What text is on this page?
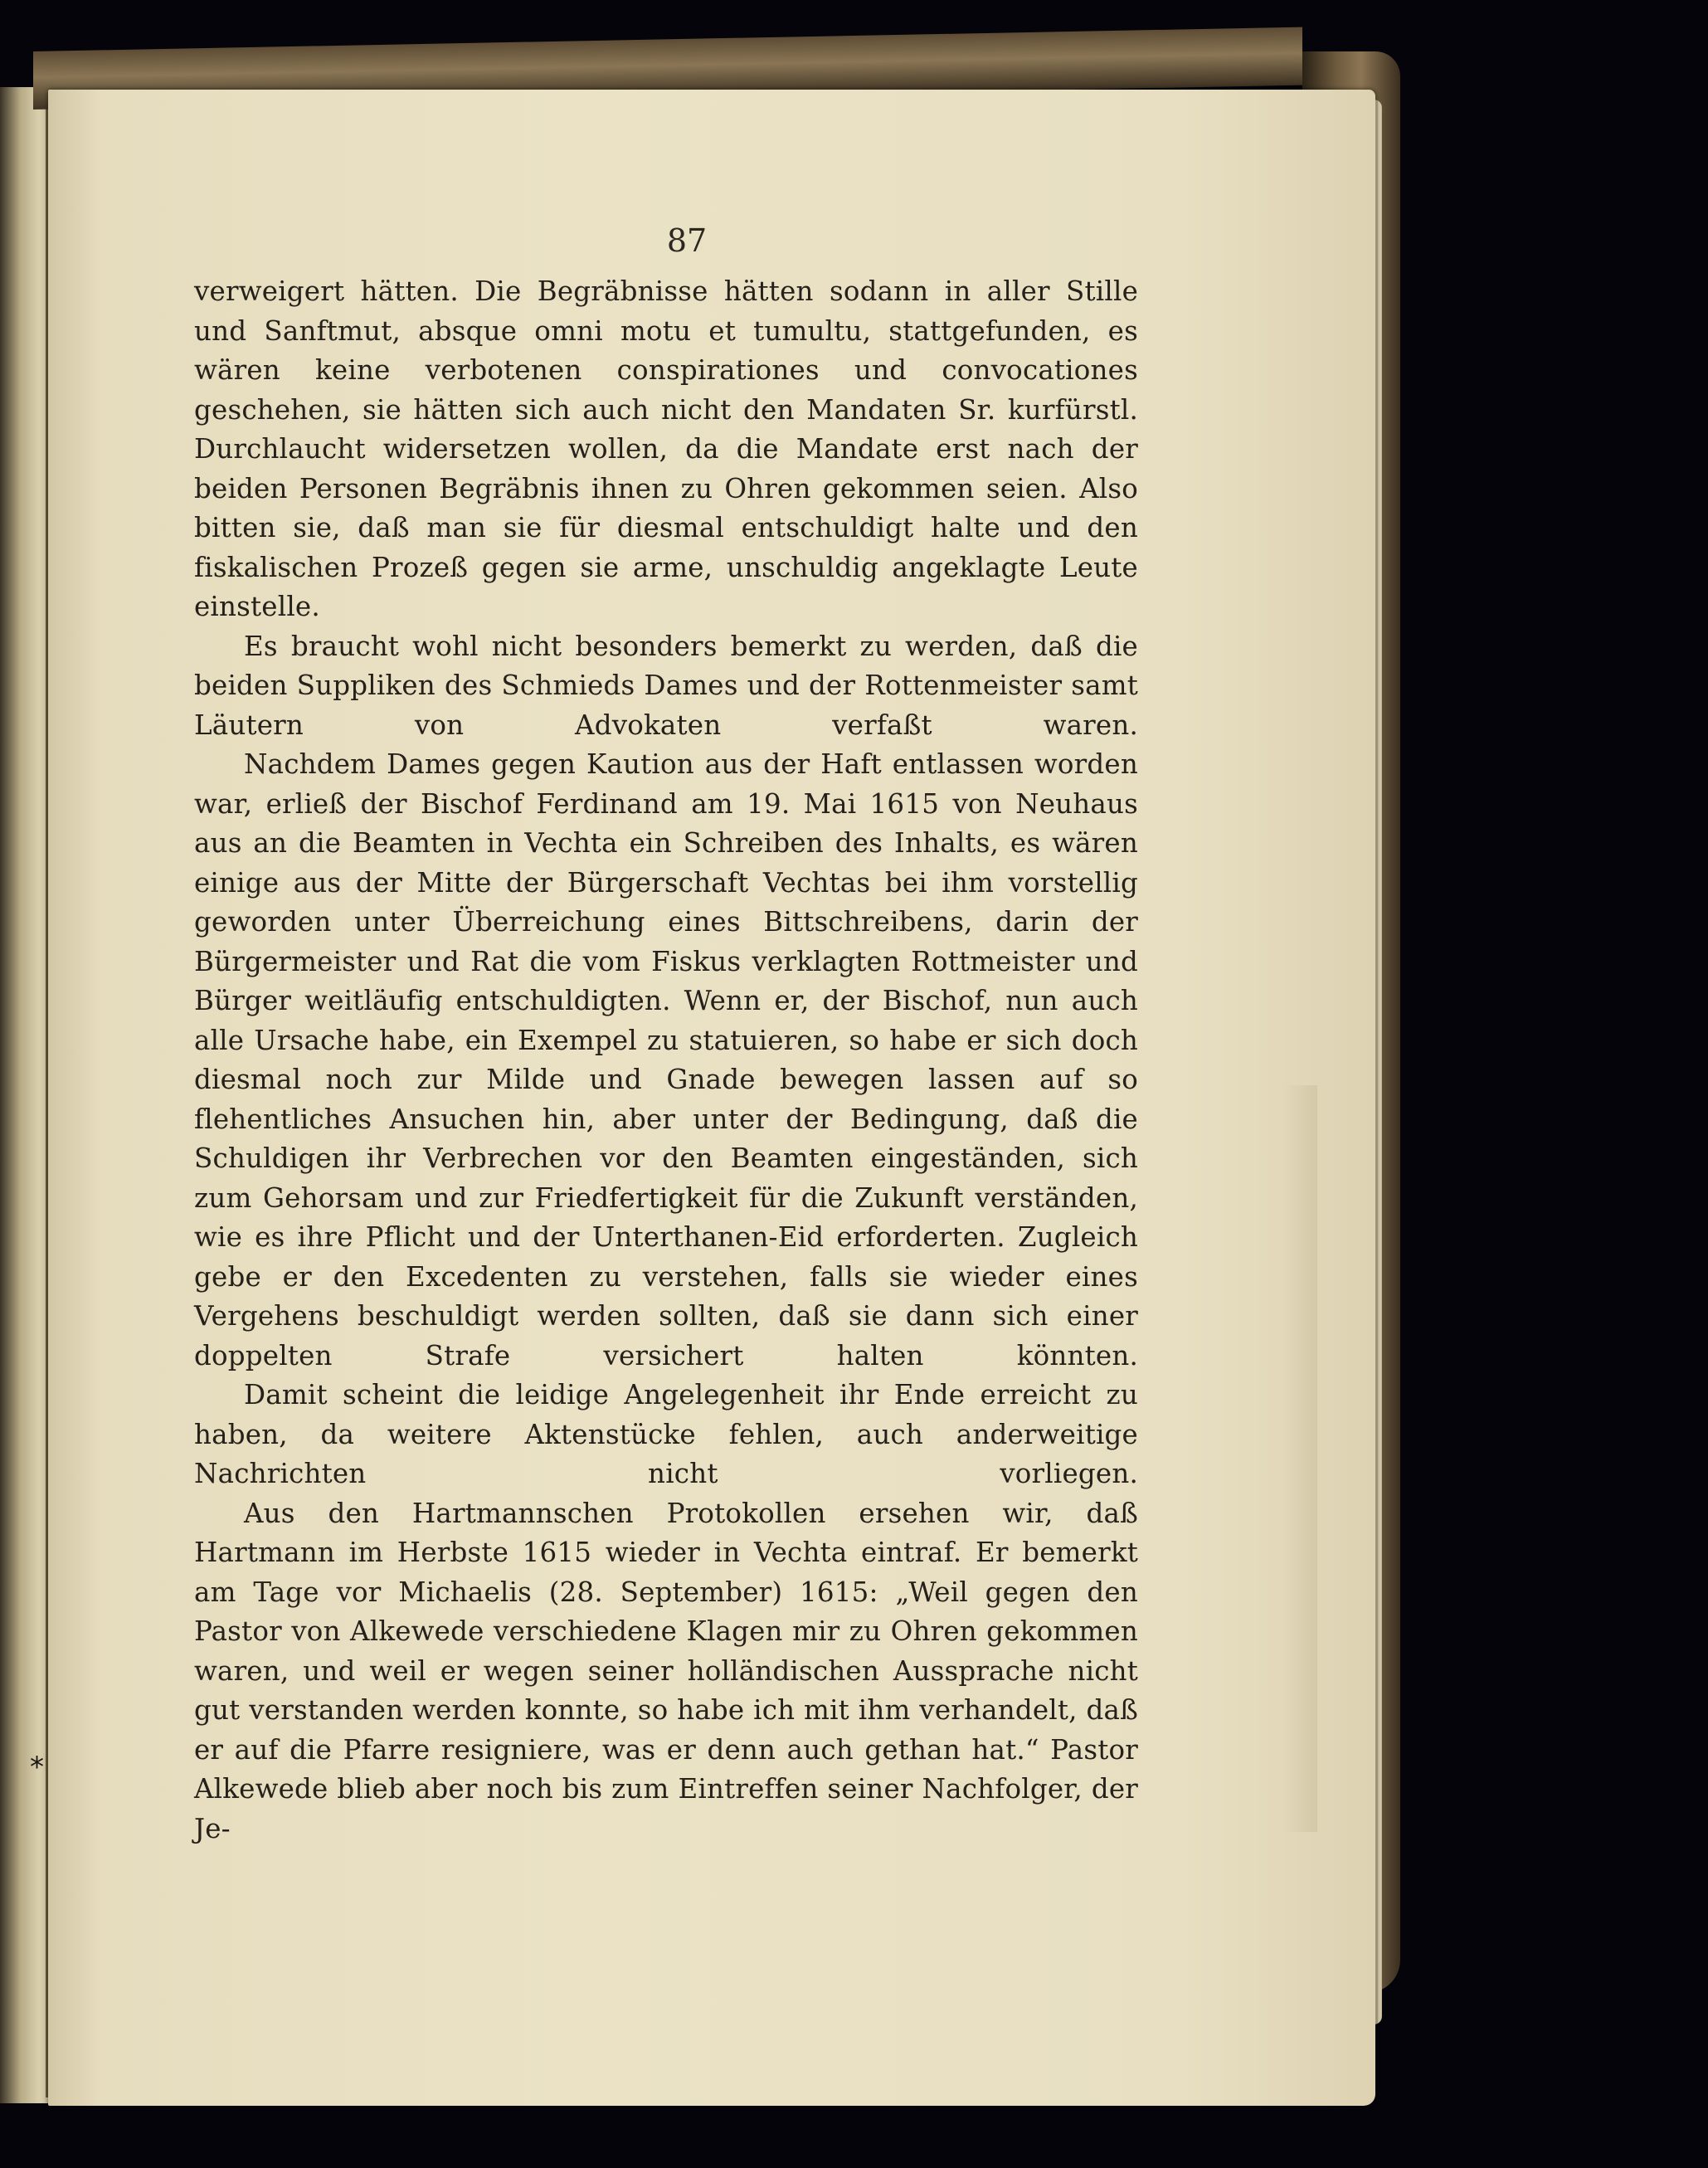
87

verweigert hätten. Die Begräbnisse hätten sodann in aller Stille und Sanftmut, absque omni motu et tumultu, stattgefunden, es wären keine verbotenen conspirationes und convocationes geschehen, sie hätten sich auch nicht den Mandaten Sr. kurfürstl. Durchlaucht widersetzen wollen, da die Mandate erst nach der beiden Personen Begräbnis ihnen zu Ohren gekommen seien. Also bitten sie, daß man sie für diesmal entschuldigt halte und den fiskalischen Prozeß gegen sie arme, unschuldig angeklagte Leute einstelle.

Es braucht wohl nicht besonders bemerkt zu werden, daß die beiden Suppliken des Schmieds Dames und der Rottenmeister samt Läutern von Advokaten verfaßt waren.

Nachdem Dames gegen Kaution aus der Haft entlassen worden war, erließ der Bischof Ferdinand am 19. Mai 1615 von Neuhaus aus an die Beamten in Vechta ein Schreiben des Inhalts, es wären einige aus der Mitte der Bürgerschaft Vechtas bei ihm vorstellig geworden unter Überreichung eines Bittschreibens, darin der Bürgermeister und Rat die vom Fiskus verklagten Rottmeister und Bürger weitläufig entschuldigten. Wenn er, der Bischof, nun auch alle Ursache habe, ein Exempel zu statuieren, so habe er sich doch diesmal noch zur Milde und Gnade bewegen lassen auf so flehentliches Ansuchen hin, aber unter der Bedingung, daß die Schuldigen ihr Verbrechen vor den Beamten eingeständen, sich zum Gehorsam und zur Friedfertigkeit für die Zukunft verständen, wie es ihre Pflicht und der Unterthanen-Eid erforderten. Zugleich gebe er den Excedenten zu verstehen, falls sie wieder eines Vergehens beschuldigt werden sollten, daß sie dann sich einer doppelten Strafe versichert halten könnten.

Damit scheint die leidige Angelegenheit ihr Ende erreicht zu haben, da weitere Aktenstücke fehlen, auch anderweitige Nachrichten nicht vorliegen.

Aus den Hartmannschen Protokollen ersehen wir, daß Hartmann im Herbste 1615 wieder in Vechta eintraf. Er bemerkt am Tage vor Michaelis (28. September) 1615: „Weil gegen den Pastor von Alkewede verschiedene Klagen mir zu Ohren gekommen waren, und weil er wegen seiner holländischen Aussprache nicht gut verstanden werden konnte, so habe ich mit ihm verhandelt, daß er auf die Pfarre resigniere, was er denn auch gethan hat.“ Pastor Alkewede blieb aber noch bis zum Eintreffen seiner Nachfolger, der Je-

*
